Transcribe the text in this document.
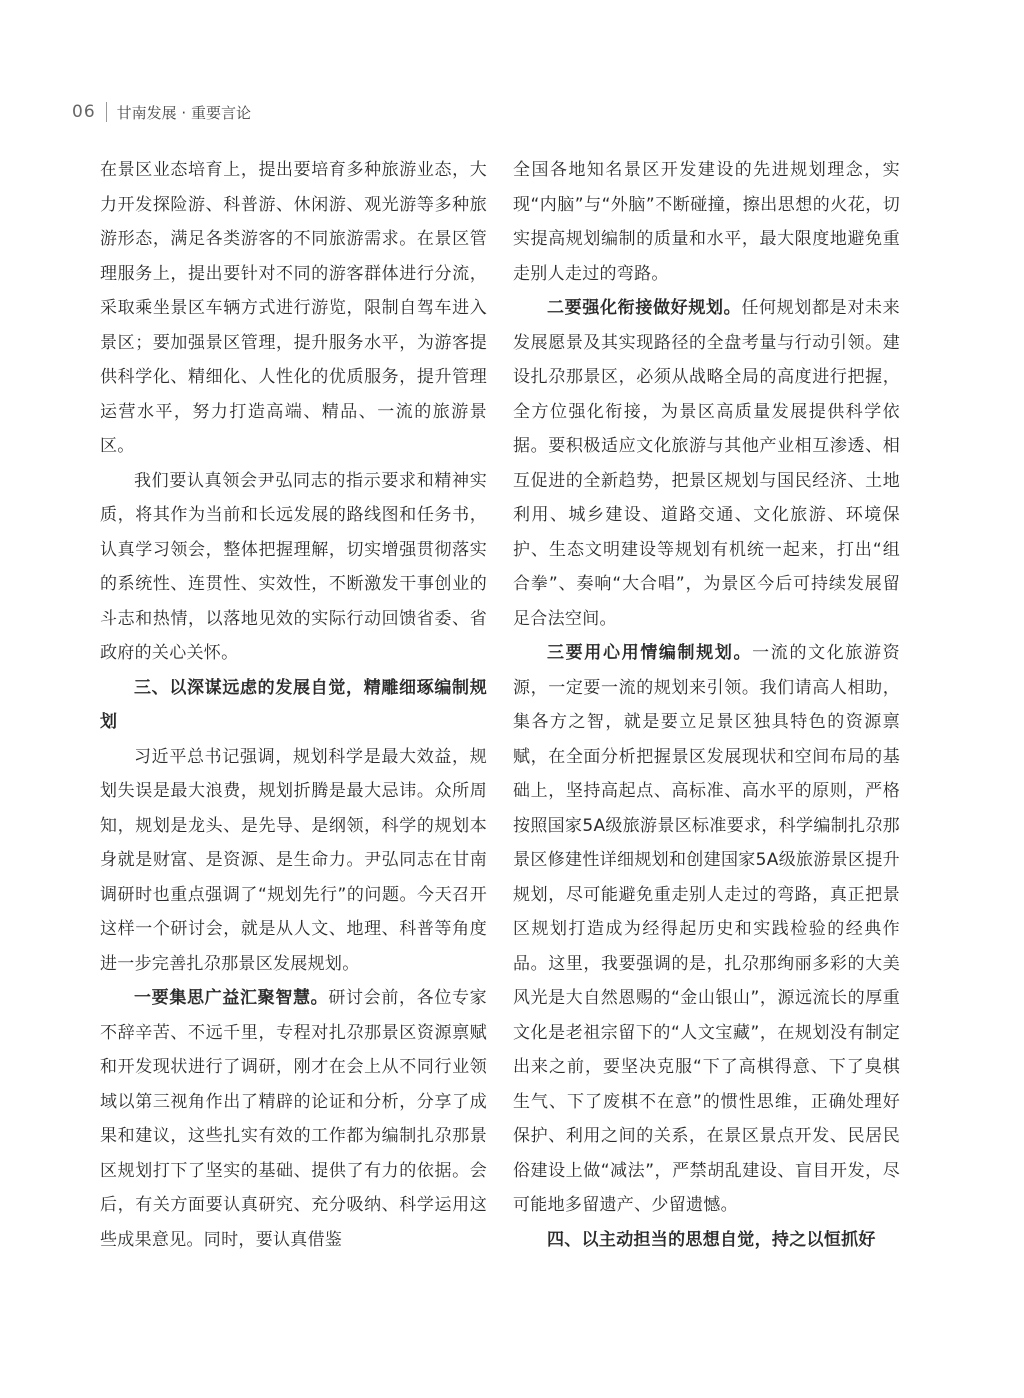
06 甘南发展 · 重要言论

在景区业态培育上，提出要培育多种旅游业态，大力开发探险游、科普游、休闲游、观光游等多种旅游形态，满足各类游客的不同旅游需求。在景区管理服务上，提出要针对不同的游客群体进行分流，采取乘坐景区车辆方式进行游览，限制自驾车进入景区；要加强景区管理，提升服务水平，为游客提供科学化、精细化、人性化的优质服务，提升管理运营水平，努力打造高端、精品、一流的旅游景区。

我们要认真领会尹弘同志的指示要求和精神实质，将其作为当前和长远发展的路线图和任务书，认真学习领会，整体把握理解，切实增强贯彻落实的系统性、连贯性、实效性，不断激发干事创业的斗志和热情，以落地见效的实际行动回馈省委、省政府的关心关怀。

三、以深谋远虑的发展自觉，精雕细琢编制规划

习近平总书记强调，规划科学是最大效益，规划失误是最大浪费，规划折腾是最大忌讳。众所周知，规划是龙头、是先导、是纲领，科学的规划本身就是财富、是资源、是生命力。尹弘同志在甘南调研时也重点强调了“规划先行”的问题。今天召开这样一个研讨会，就是从人文、地理、科普等角度进一步完善扎尕那景区发展规划。

一要集思广益汇聚智慧。研讨会前，各位专家不辞辛苦、不远千里，专程对扎尕那景区资源禀赋和开发现状进行了调研，刚才在会上从不同行业领域以第三视角作出了精辟的论证和分析，分享了成果和建议，这些扎实有效的工作都为编制扎尕那景区规划打下了坚实的基础、提供了有力的依据。会后，有关方面要认真研究、充分吸纳、科学运用这些成果意见。同时，要认真借鉴

全国各地知名景区开发建设的先进规划理念，实现“内脑”与“外脑”不断碰撞，擦出思想的火花，切实提高规划编制的质量和水平，最大限度地避免重走别人走过的弯路。

二要强化衔接做好规划。任何规划都是对未来发展愿景及其实现路径的全盘考量与行动引领。建设扎尕那景区，必须从战略全局的高度进行把握，全方位强化衔接，为景区高质量发展提供科学依据。要积极适应文化旅游与其他产业相互渗透、相互促进的全新趋势，把景区规划与国民经济、土地利用、城乡建设、道路交通、文化旅游、环境保护、生态文明建设等规划有机统一起来，打出“组合拳”、奏响“大合唱”，为景区今后可持续发展留足合法空间。

三要用心用情编制规划。一流的文化旅游资源，一定要一流的规划来引领。我们请高人相助，集各方之智，就是要立足景区独具特色的资源禀赋，在全面分析把握景区发展现状和空间布局的基础上，坚持高起点、高标准、高水平的原则，严格按照国家5A级旅游景区标准要求，科学编制扎尕那景区修建性详细规划和创建国家5A级旅游景区提升规划，尽可能避免重走别人走过的弯路，真正把景区规划打造成为经得起历史和实践检验的经典作品。这里，我要强调的是，扎尕那绚丽多彩的大美风光是大自然恩赐的“金山银山”，源远流长的厚重文化是老祖宗留下的“人文宝藏”，在规划没有制定出来之前，要坚决克服“下了高棋得意、下了臭棋生气、下了废棋不在意”的惯性思维，正确处理好保护、利用之间的关系，在景区景点开发、民居民俗建设上做“减法”，严禁胡乱建设、盲目开发，尽可能地多留遗产、少留遗憾。

四、以主动担当的思想自觉，持之以恒抓好
